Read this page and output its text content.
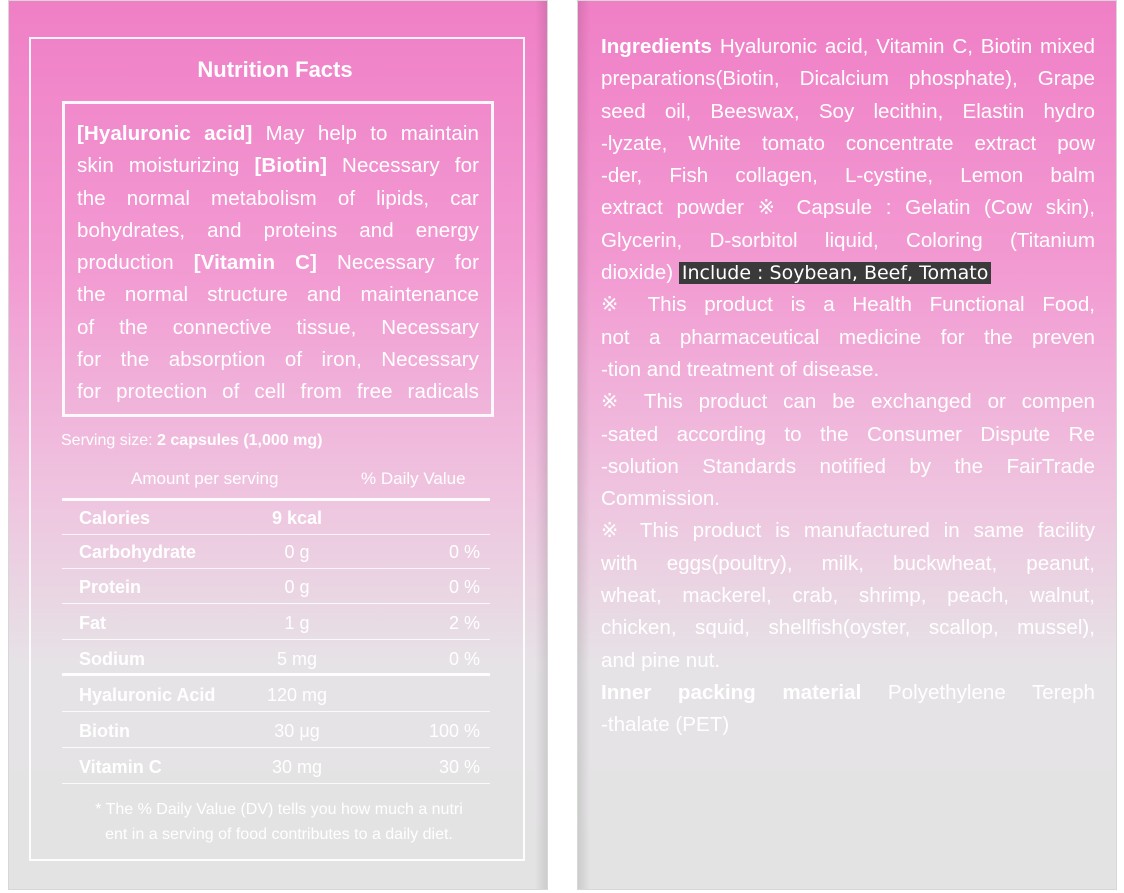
Nutrition Facts
[Hyaluronic acid] May help to maintain
skin moisturizing [Biotin] Necessary for
the normal metabolism of lipids, car
bohydrates, and proteins and energy
production [Vitamin C] Necessary for
the normal structure and maintenance
of the connective tissue, Necessary
for the absorption of iron, Necessary
for protection of cell from free radicals
Serving size: 2 capsules (1,000 mg)
Amount per serving	% Daily Value
Calories	9 kcal
Carbohydrate	0 g	0 %
Protein	0 g	0 %
Fat	1 g	2 %
Sodium	5 mg	0 %
Hyaluronic Acid	120 mg
Biotin	30 μg	100 %
Vitamin C	30 mg	30 %
* The % Daily Value (DV) tells you how much a nutri
ent in a serving of food contributes to a daily diet.
Ingredients Hyaluronic acid, Vitamin C, Biotin mixed
preparations(Biotin, Dicalcium phosphate), Grape
seed oil, Beeswax, Soy lecithin, Elastin hydro
-lyzate, White tomato concentrate extract pow
-der, Fish collagen, L-cystine, Lemon balm
extract powder ※ Capsule : Gelatin (Cow skin),
Glycerin, D-sorbitol liquid, Coloring (Titanium
dioxide) Include : Soybean, Beef, Tomato
※ This product is a Health Functional Food,
not a pharmaceutical medicine for the preven
-tion and treatment of disease.
※ This product can be exchanged or compen
-sated according to the Consumer Dispute Re
-solution Standards notified by the FairTrade
Commission.
※ This product is manufactured in same facility
with eggs(poultry), milk, buckwheat, peanut,
wheat, mackerel, crab, shrimp, peach, walnut,
chicken, squid, shellfish(oyster, scallop, mussel),
and pine nut.
Inner packing material Polyethylene Tereph
-thalate (PET)
